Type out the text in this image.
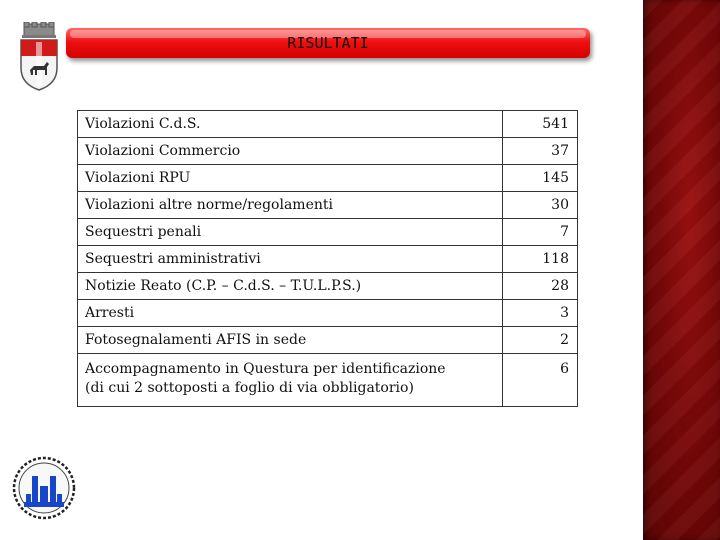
RISULTATI
Violazioni C.d.S.	541
Violazioni Commercio	37
Violazioni RPU	145
Violazioni altre norme/regolamenti	30
Sequestri penali	7
Sequestri amministrativi	118
Notizie Reato (C.P. – C.d.S. – T.U.L.P.S.)	28
Arresti	3
Fotosegnalamenti AFIS in sede	2

Accompagnamento in Questura per identificazione
(di cui 2 sottoposti a foglio di via obbligatorio)	6
